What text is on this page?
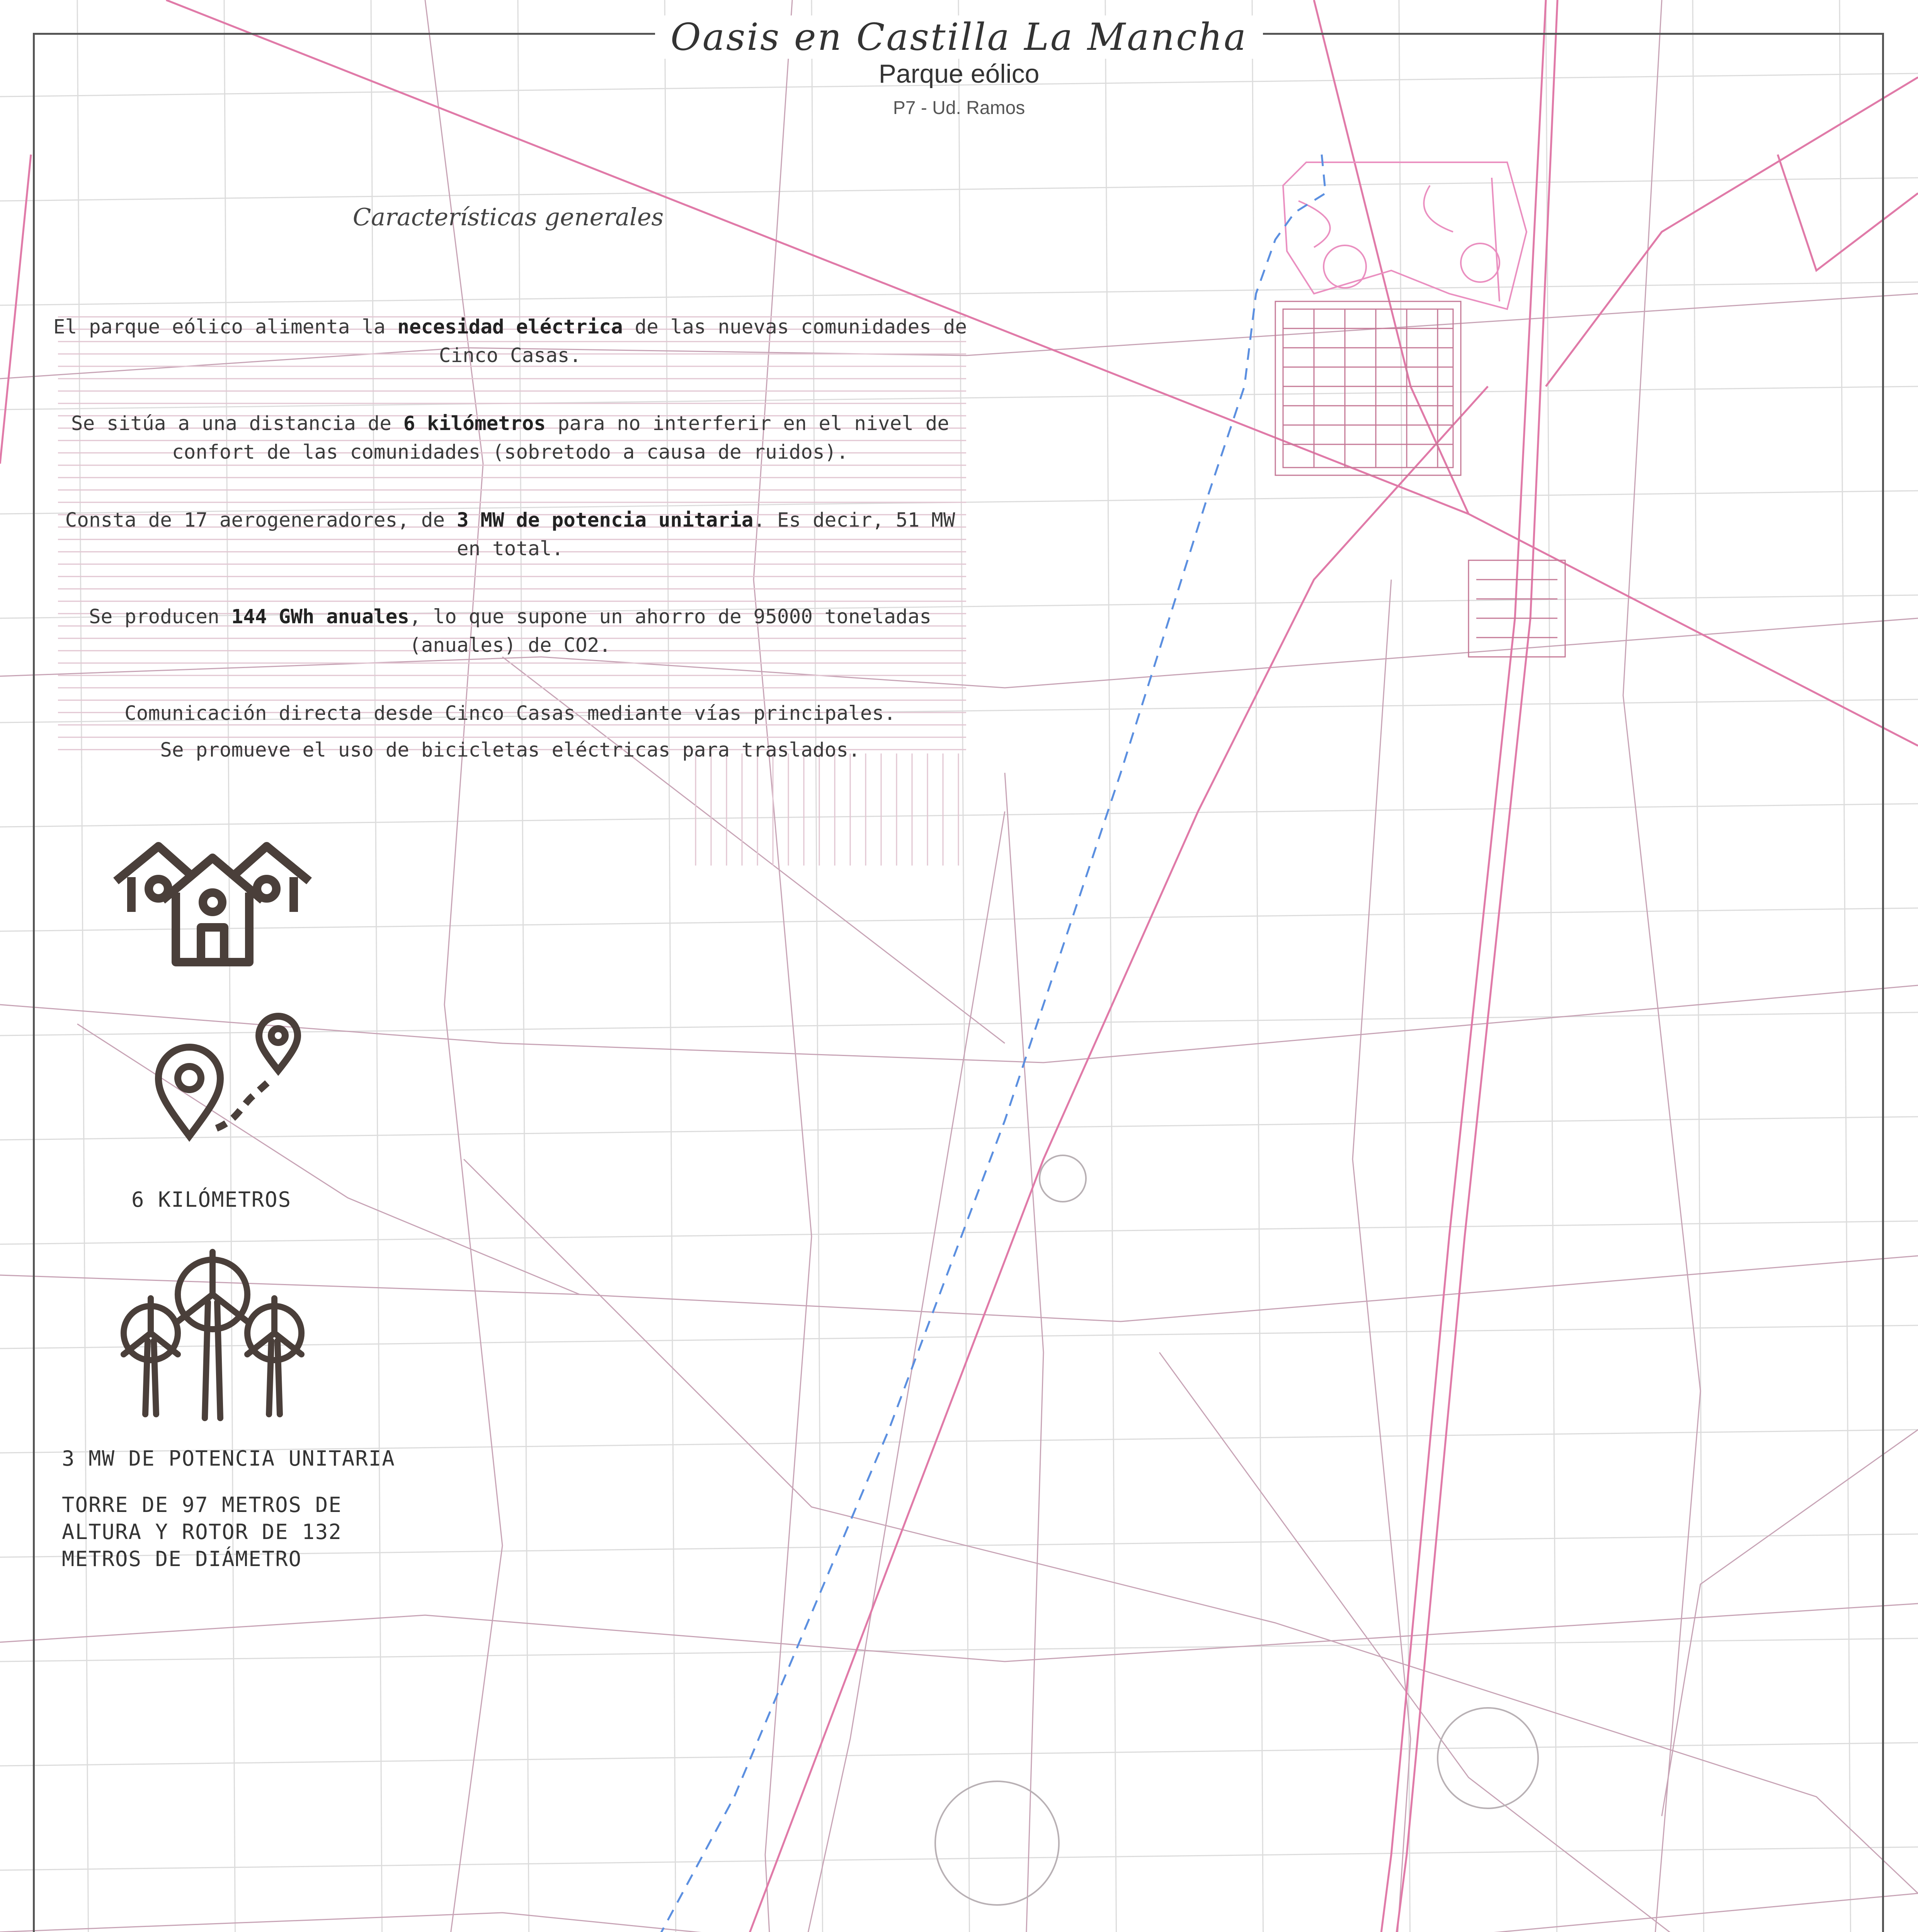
Oasis en Castilla La Mancha
Parque eólico
P7 - Ud. Ramos
Características generales
El parque eólico alimenta la necesidad eléctrica de las nuevas comunidades de Cinco Casas.
Se sitúa a una distancia de 6 kilómetros para no interferir en el nivel de confort de las comunidades (sobretodo a causa de ruidos).
Consta de 17 aerogeneradores, de 3 MW de potencia unitaria. Es decir, 51 MW en total.
Se producen 144 GWh anuales, lo que supone un ahorro de 95000 toneladas (anuales) de CO2.
Comunicación directa desde Cinco Casas mediante vías principales.
Se promueve el uso de bicicletas eléctricas para traslados.
6 KILÓMETROS
3 MW DE POTENCIA UNITARIA
TORRE DE 97 METROS DE ALTURA Y ROTOR DE 132 METROS DE DIÁMETRO
